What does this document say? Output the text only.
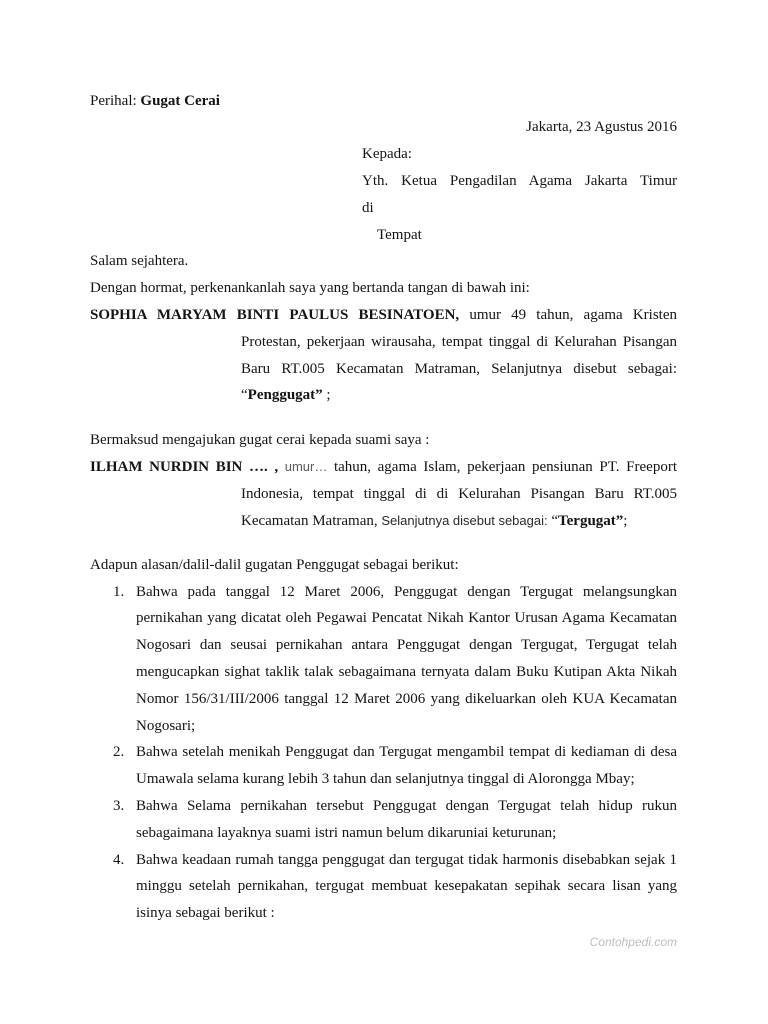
Perihal: Gugat Cerai
Jakarta, 23 Agustus 2016
Kepada:
Yth. Ketua Pengadilan Agama Jakarta Timur
di
Tempat
Salam sejahtera.
Dengan hormat, perkenankanlah saya yang bertanda tangan di bawah ini:
SOPHIA MARYAM BINTI PAULUS BESINATOEN, umur 49 tahun, agama Kristen
Protestan, pekerjaan wirausaha, tempat tinggal di Kelurahan Pisangan
Baru RT.005 Kecamatan Matraman, Selanjutnya disebut sebagai:
“Penggugat” ;
Bermaksud mengajukan gugat cerai kepada suami saya :
ILHAM NURDIN BIN …. , umur… tahun, agama Islam, pekerjaan pensiunan PT. Freeport
Indonesia, tempat tinggal di di Kelurahan Pisangan Baru RT.005
Kecamatan Matraman, Selanjutnya disebut sebagai: “Tergugat”;
Adapun alasan/dalil-dalil gugatan Penggugat sebagai berikut:
1. Bahwa pada tanggal 12 Maret 2006, Penggugat dengan Tergugat melangsungkan
pernikahan yang dicatat oleh Pegawai Pencatat Nikah Kantor Urusan Agama Kecamatan
Nogosari dan seusai pernikahan antara Penggugat dengan Tergugat, Tergugat telah
mengucapkan sighat taklik talak sebagaimana ternyata dalam Buku Kutipan Akta Nikah
Nomor 156/31/III/2006 tanggal 12 Maret 2006 yang dikeluarkan oleh KUA Kecamatan
Nogosari;
2. Bahwa setelah menikah Penggugat dan Tergugat mengambil tempat di kediaman di desa
Umawala selama kurang lebih 3 tahun dan selanjutnya tinggal di Alorongga Mbay;
3. Bahwa Selama pernikahan tersebut Penggugat dengan Tergugat telah hidup rukun
sebagaimana layaknya suami istri namun belum dikaruniai keturunan;
4. Bahwa keadaan rumah tangga penggugat dan tergugat tidak harmonis disebabkan sejak 1
minggu setelah pernikahan, tergugat membuat kesepakatan sepihak secara lisan yang
isinya sebagai berikut :
Contohpedi.com
